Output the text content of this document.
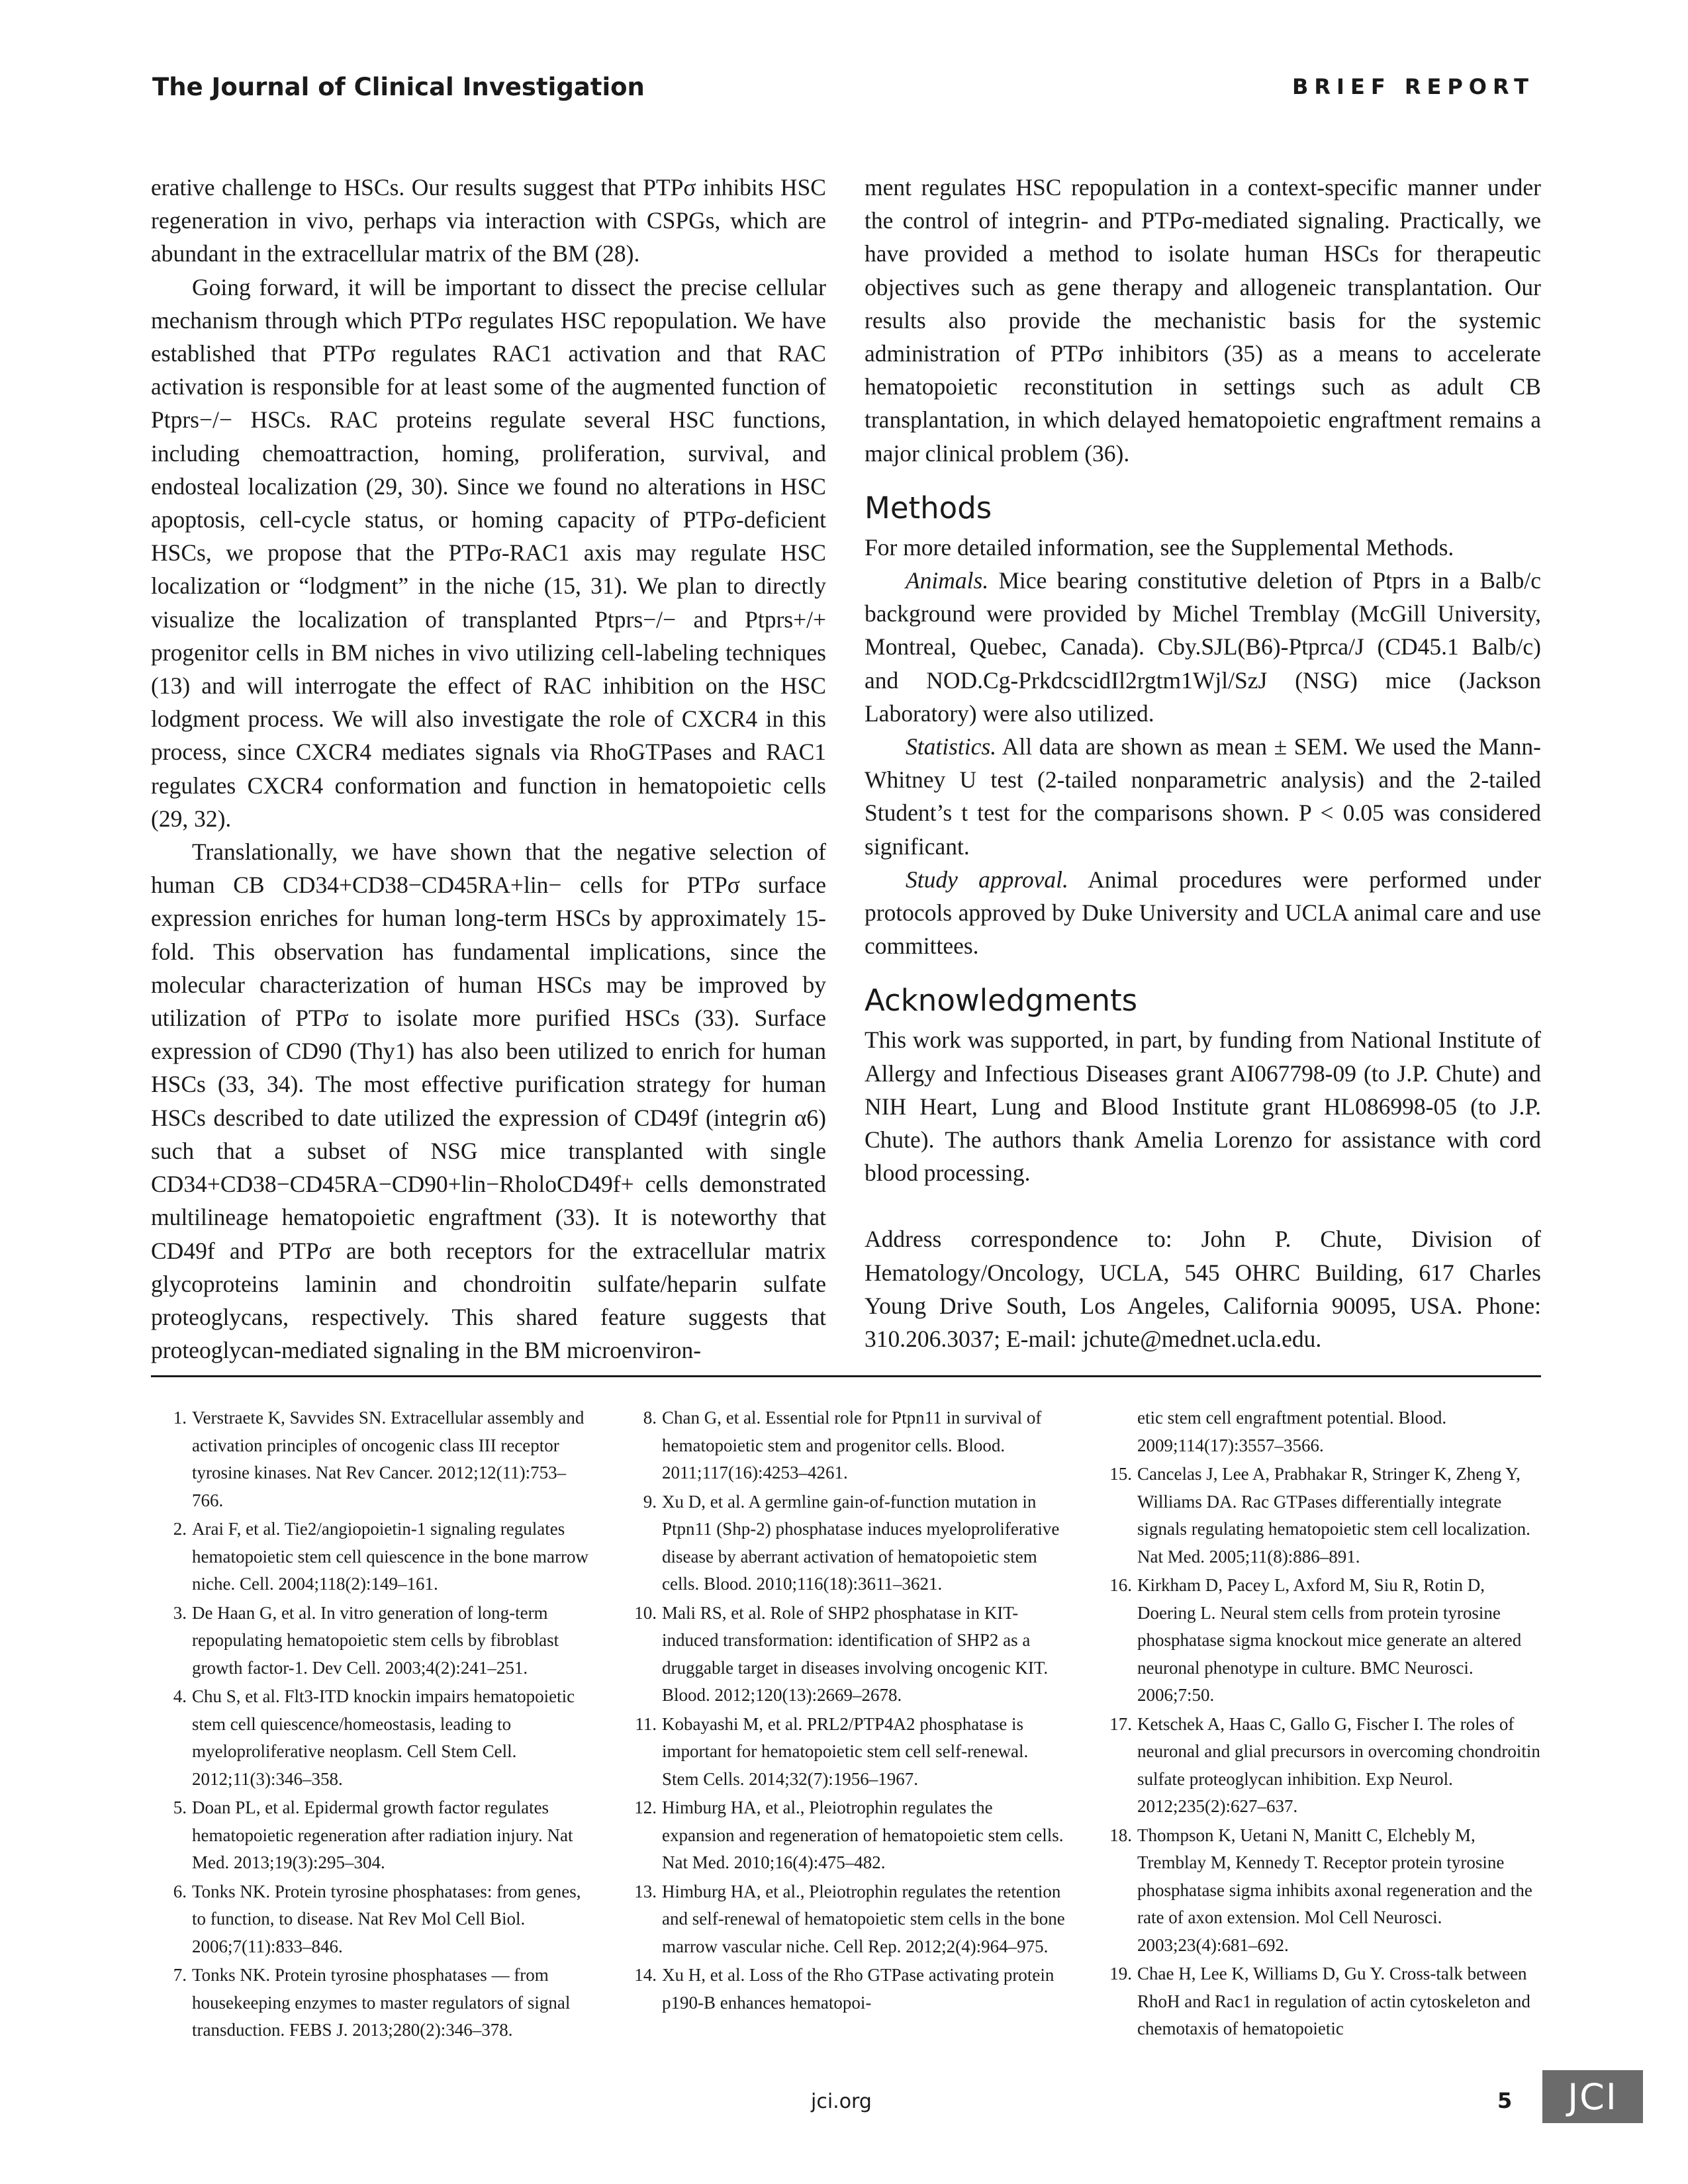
The Journal of Clinical Investigation	BRIEF REPORT

erative challenge to HSCs. Our results suggest that PTPσ inhibits HSC regeneration in vivo, perhaps via interaction with CSPGs, which are abundant in the extracellular matrix of the BM (28).

Going forward, it will be important to dissect the precise cellular mechanism through which PTPσ regulates HSC repopulation. We have established that PTPσ regulates RAC1 activation and that RAC activation is responsible for at least some of the augmented function of Ptprs−/− HSCs. RAC proteins regulate several HSC functions, including chemoattraction, homing, proliferation, survival, and endosteal localization (29, 30). Since we found no alterations in HSC apoptosis, cell-cycle status, or homing capacity of PTPσ-deficient HSCs, we propose that the PTPσ-RAC1 axis may regulate HSC localization or “lodgment” in the niche (15, 31). We plan to directly visualize the localization of transplanted Ptprs−/− and Ptprs+/+ progenitor cells in BM niches in vivo utilizing cell-labeling techniques (13) and will interrogate the effect of RAC inhibition on the HSC lodgment process. We will also investigate the role of CXCR4 in this process, since CXCR4 mediates signals via RhoGTPases and RAC1 regulates CXCR4 conformation and function in hematopoietic cells (29, 32).

Translationally, we have shown that the negative selection of human CB CD34+CD38−CD45RA+lin− cells for PTPσ surface expression enriches for human long-term HSCs by approximately 15-fold. This observation has fundamental implications, since the molecular characterization of human HSCs may be improved by utilization of PTPσ to isolate more purified HSCs (33). Surface expression of CD90 (Thy1) has also been utilized to enrich for human HSCs (33, 34). The most effective purification strategy for human HSCs described to date utilized the expression of CD49f (integrin α6) such that a subset of NSG mice transplanted with single CD34+CD38−CD45RA−CD90+lin−RholoCD49f+ cells demonstrated multilineage hematopoietic engraftment (33). It is noteworthy that CD49f and PTPσ are both receptors for the extracellular matrix glycoproteins laminin and chondroitin sulfate/heparin sulfate proteoglycans, respectively. This shared feature suggests that proteoglycan-mediated signaling in the BM microenviron-

ment regulates HSC repopulation in a context-specific manner under the control of integrin- and PTPσ-mediated signaling. Practically, we have provided a method to isolate human HSCs for therapeutic objectives such as gene therapy and allogeneic transplantation. Our results also provide the mechanistic basis for the systemic administration of PTPσ inhibitors (35) as a means to accelerate hematopoietic reconstitution in settings such as adult CB transplantation, in which delayed hematopoietic engraftment remains a major clinical problem (36).

Methods

For more detailed information, see the Supplemental Methods.

Animals. Mice bearing constitutive deletion of Ptprs in a Balb/c background were provided by Michel Tremblay (McGill University, Montreal, Quebec, Canada). Cby.SJL(B6)-Ptprca/J (CD45.1 Balb/c) and NOD.Cg-PrkdcscidIl2rgtm1Wjl/SzJ (NSG) mice (Jackson Laboratory) were also utilized.

Statistics. All data are shown as mean ± SEM. We used the Mann-Whitney U test (2-tailed nonparametric analysis) and the 2-tailed Student’s t test for the comparisons shown. P < 0.05 was considered significant.

Study approval. Animal procedures were performed under protocols approved by Duke University and UCLA animal care and use committees.

Acknowledgments

This work was supported, in part, by funding from National Institute of Allergy and Infectious Diseases grant AI067798-09 (to J.P. Chute) and NIH Heart, Lung and Blood Institute grant HL086998-05 (to J.P. Chute). The authors thank Amelia Lorenzo for assistance with cord blood processing.

Address correspondence to: John P. Chute, Division of Hematology/Oncology, UCLA, 545 OHRC Building, 617 Charles Young Drive South, Los Angeles, California 90095, USA. Phone: 310.206.3037; E-mail: jchute@mednet.ucla.edu.

1. Verstraete K, Savvides SN. Extracellular assembly and activation principles of oncogenic class III receptor tyrosine kinases. Nat Rev Cancer. 2012;12(11):753–766.
2. Arai F, et al. Tie2/angiopoietin-1 signaling regulates hematopoietic stem cell quiescence in the bone marrow niche. Cell. 2004;118(2):149–161.
3. De Haan G, et al. In vitro generation of long-term repopulating hematopoietic stem cells by fibroblast growth factor-1. Dev Cell. 2003;4(2):241–251.
4. Chu S, et al. Flt3-ITD knockin impairs hematopoietic stem cell quiescence/homeostasis, leading to myeloproliferative neoplasm. Cell Stem Cell. 2012;11(3):346–358.
5. Doan PL, et al. Epidermal growth factor regulates hematopoietic regeneration after radiation injury. Nat Med. 2013;19(3):295–304.
6. Tonks NK. Protein tyrosine phosphatases: from genes, to function, to disease. Nat Rev Mol Cell Biol. 2006;7(11):833–846.
7. Tonks NK. Protein tyrosine phosphatases — from housekeeping enzymes to master regulators of signal transduction. FEBS J. 2013;280(2):346–378.
8. Chan G, et al. Essential role for Ptpn11 in survival of hematopoietic stem and progenitor cells. Blood. 2011;117(16):4253–4261.
9. Xu D, et al. A germline gain-of-function mutation in Ptpn11 (Shp-2) phosphatase induces myeloproliferative disease by aberrant activation of hematopoietic stem cells. Blood. 2010;116(18):3611–3621.
10. Mali RS, et al. Role of SHP2 phosphatase in KIT-induced transformation: identification of SHP2 as a druggable target in diseases involving oncogenic KIT. Blood. 2012;120(13):2669–2678.
11. Kobayashi M, et al. PRL2/PTP4A2 phosphatase is important for hematopoietic stem cell self-renewal. Stem Cells. 2014;32(7):1956–1967.
12. Himburg HA, et al., Pleiotrophin regulates the expansion and regeneration of hematopoietic stem cells. Nat Med. 2010;16(4):475–482.
13. Himburg HA, et al., Pleiotrophin regulates the retention and self-renewal of hematopoietic stem cells in the bone marrow vascular niche. Cell Rep. 2012;2(4):964–975.
14. Xu H, et al. Loss of the Rho GTPase activating protein p190-B enhances hematopoi-
etic stem cell engraftment potential. Blood. 2009;114(17):3557–3566.
15. Cancelas J, Lee A, Prabhakar R, Stringer K, Zheng Y, Williams DA. Rac GTPases differentially integrate signals regulating hematopoietic stem cell localization. Nat Med. 2005;11(8):886–891.
16. Kirkham D, Pacey L, Axford M, Siu R, Rotin D, Doering L. Neural stem cells from protein tyrosine phosphatase sigma knockout mice generate an altered neuronal phenotype in culture. BMC Neurosci. 2006;7:50.
17. Ketschek A, Haas C, Gallo G, Fischer I. The roles of neuronal and glial precursors in overcoming chondroitin sulfate proteoglycan inhibition. Exp Neurol. 2012;235(2):627–637.
18. Thompson K, Uetani N, Manitt C, Elchebly M, Tremblay M, Kennedy T. Receptor protein tyrosine phosphatase sigma inhibits axonal regeneration and the rate of axon extension. Mol Cell Neurosci. 2003;23(4):681–692.
19. Chae H, Lee K, Williams D, Gu Y. Cross-talk between RhoH and Rac1 in regulation of actin cytoskeleton and chemotaxis of hematopoietic
jci.org	5	JCI
